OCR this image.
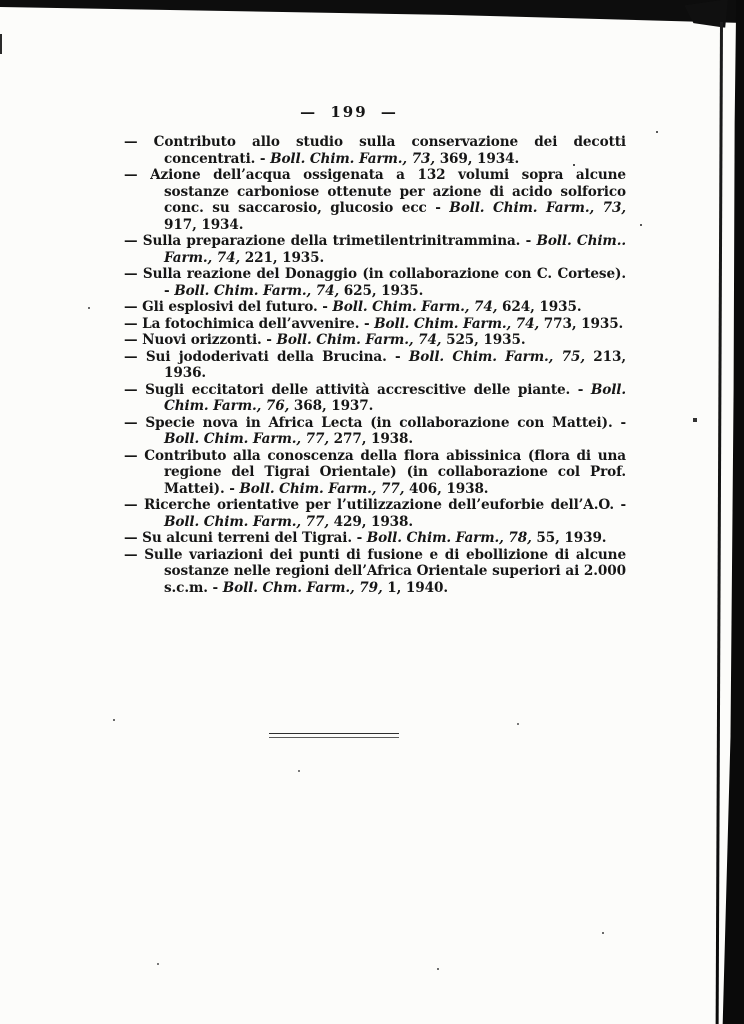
— 199 —
— Contributo allo studio sulla conservazione dei decotti concentrati. - Boll. Chim. Farm., 73, 369, 1934.
— Azione dell’acqua ossigenata a 132 volumi sopra alcune sostanze carboniose ottenute per azione di acido solforico conc. su saccarosio, glucosio ecc - Boll. Chim. Farm., 73, 917, 1934.
— Sulla preparazione della trimetilentrinitrammina. - Boll. Chim.. Farm., 74, 221, 1935.
— Sulla reazione del Donaggio (in collaborazione con C. Cortese). - Boll. Chim. Farm., 74, 625, 1935.
— Gli esplosivi del futuro. - Boll. Chim. Farm., 74, 624, 1935.
— La fotochimica dell’avvenire. - Boll. Chim. Farm., 74, 773, 1935.
— Nuovi orizzonti. - Boll. Chim. Farm., 74, 525, 1935.
— Sui jododerivati della Brucina. - Boll. Chim. Farm., 75, 213, 1936.
— Sugli eccitatori delle attività accrescitive delle piante. - Boll. Chim. Farm., 76, 368, 1937.
— Specie nova in Africa Lecta (in collaborazione con Mattei). - Boll. Chim. Farm., 77, 277, 1938.
— Contributo alla conoscenza della flora abissinica (flora di una regione del Tigrai Orientale) (in collaborazione col Prof. Mattei). - Boll. Chim. Farm., 77, 406, 1938.
— Ricerche orientative per l’utilizzazione dell’euforbie dell’A.O. - Boll. Chim. Farm., 77, 429, 1938.
— Su alcuni terreni del Tigrai. - Boll. Chim. Farm., 78, 55, 1939.
— Sulle variazioni dei punti di fusione e di ebollizione di alcune sostanze nelle regioni dell’Africa Orientale superiori ai 2.000 s.c.m. - Boll. Chm. Farm., 79, 1, 1940.
